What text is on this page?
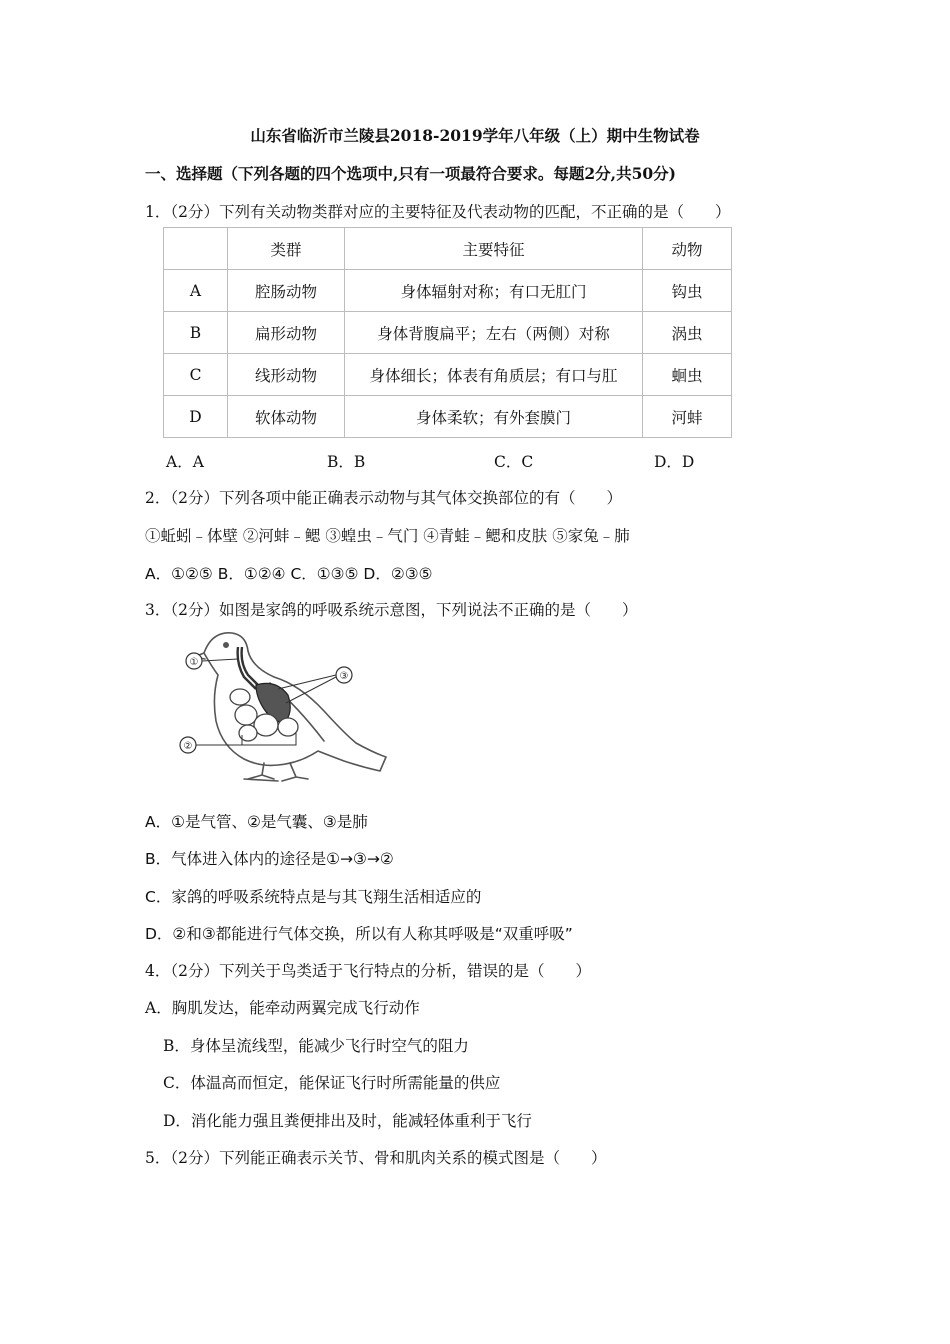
山东省临沂市兰陵县2018-2019学年八年级（上）期中生物试卷
一、选择题（下列各题的四个选项中,只有一项最符合要求。每题2分,共50分)
1．（2分）下列有关动物类群对应的主要特征及代表动物的匹配，不正确的是（　　）
	类群	主要特征	动物
A	腔肠动物	身体辐射对称；有口无肛门	钩虫
B	扁形动物	身体背腹扁平；左右（两侧）对称	涡虫
C	线形动物	身体细长；体表有角质层；有口与肛	蛔虫
D	软体动物	身体柔软；有外套膜门	河蚌
A．A	B．B	C．C	D．D
2．（2分）下列各项中能正确表示动物与其气体交换部位的有（　　）
①蚯蚓﹣体壁 ②河蚌﹣鳃 ③蝗虫﹣气门 ④青蛙﹣鳃和皮肤 ⑤家兔﹣肺
A．①②⑤ B．①②④ C．①③⑤ D．②③⑤
3．（2分）如图是家鸽的呼吸系统示意图，下列说法不正确的是（　　）
①
②
③
A．①是气管、②是气囊、③是肺
B．气体进入体内的途径是①→③→②
C．家鸽的呼吸系统特点是与其飞翔生活相适应的
D．②和③都能进行气体交换，所以有人称其呼吸是“双重呼吸”
4．（2分）下列关于鸟类适于飞行特点的分析，错误的是（　　）
A．胸肌发达，能牵动两翼完成飞行动作
B．身体呈流线型，能减少飞行时空气的阻力
C．体温高而恒定，能保证飞行时所需能量的供应
D．消化能力强且粪便排出及时，能减轻体重利于飞行
5．（2分）下列能正确表示关节、骨和肌肉关系的模式图是（　　）
